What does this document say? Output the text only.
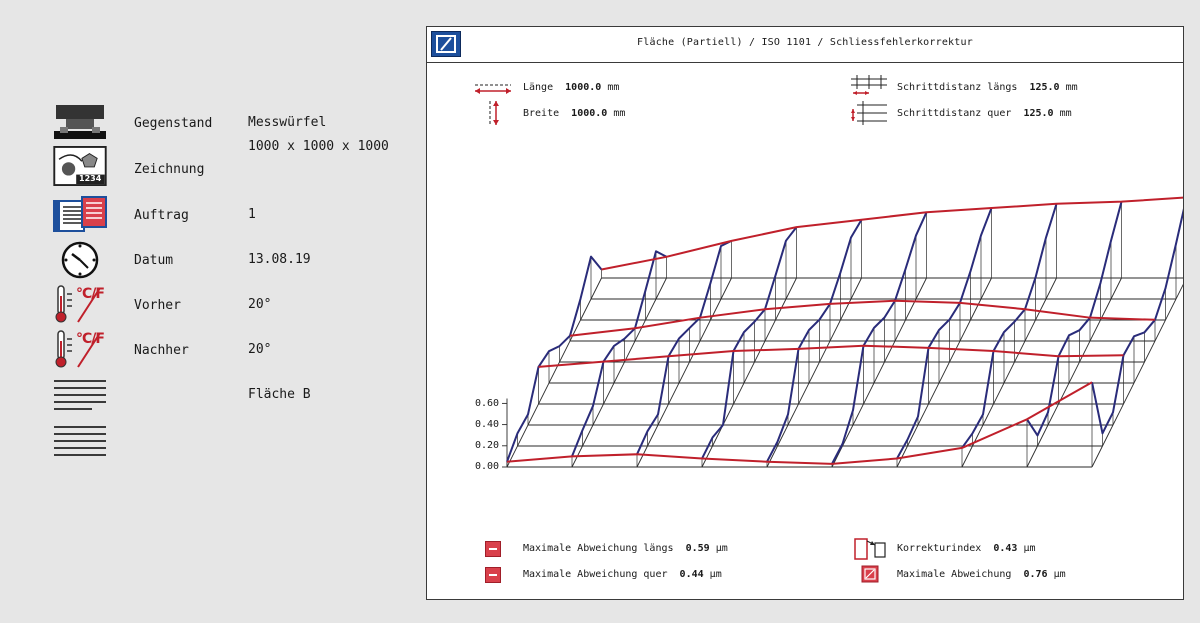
Gegenstand	Messwürfel
1000 x 1000 x 1000
1234
Zeichnung
Auftrag	1
Datum	13.08.19
°C/F
Vorher	20°
°C/F
Nachher	20°
Fläche B
Fläche (Partiell) / ISO 1101 / Schliessfehlerkorrektur
Länge 1000.0 mm
Breite 1000.0 mm
Schrittdistanz längs 125.0 mm
Schrittdistanz quer 125.0 mm
0.60
0.40
0.20
0.00
Maximale Abweichung längs 0.59 µm
Maximale Abweichung quer 0.44 µm
Korrekturindex 0.43 µm
Maximale Abweichung 0.76 µm
